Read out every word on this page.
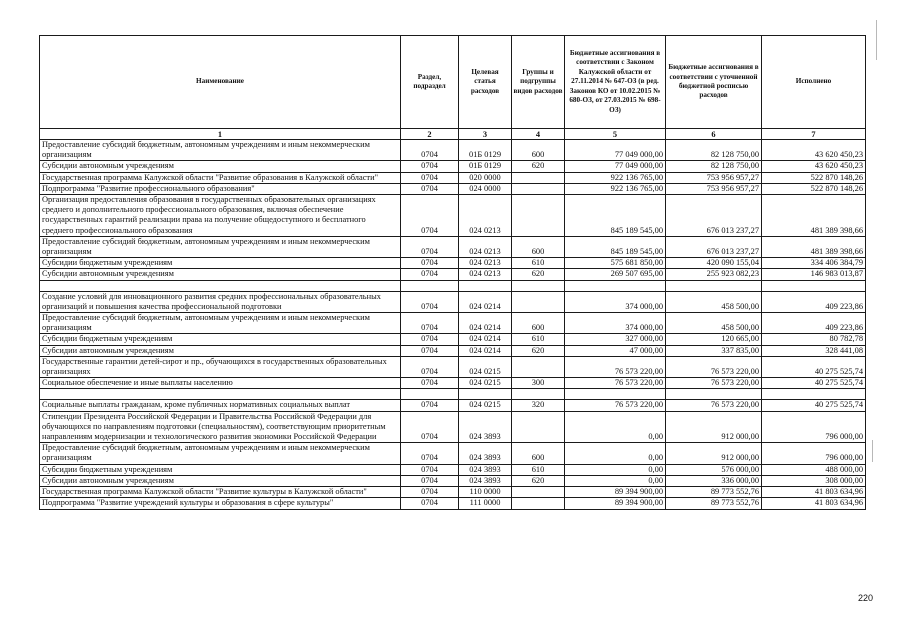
Наименование	Раздел, подраздел	Целевая статья расходов	Группы и подгруппы видов расходов	Бюджетные ассигнования в соответствии с Законом Калужской области от 27.11.2014 № 647-ОЗ (в ред. Законов КО от 10.02.2015 № 680-ОЗ, от 27.03.2015 № 698-ОЗ)	Бюджетные ассигнования в соответствии с уточненной бюджетной росписью расходов	Исполнено
1	2	3	4	5	6	7
Предоставление субсидий бюджетным, автономным учреждениям и иным некоммерческим организациям	0704	01Б 0129	600	77 049 000,00	82 128 750,00	43 620 450,23
Субсидии автономным учреждениям	0704	01Б 0129	620	77 049 000,00	82 128 750,00	43 620 450,23
Государственная программа Калужской области "Развитие образования в Калужской области"	0704	020 0000		922 136 765,00	753 956 957,27	522 870 148,26
Подпрограмма "Развитие профессионального образования"	0704	024 0000		922 136 765,00	753 956 957,27	522 870 148,26
Организация предоставления образования в государственных образовательных организациях среднего и дополнительного профессионального образования, включая обеспечение государственных гарантий реализации права на получение общедоступного и бесплатного среднего профессионального образования	0704	024 0213		845 189 545,00	676 013 237,27	481 389 398,66
Предоставление субсидий бюджетным, автономным учреждениям и иным некоммерческим организациям	0704	024 0213	600	845 189 545,00	676 013 237,27	481 389 398,66
Субсидии бюджетным учреждениям	0704	024 0213	610	575 681 850,00	420 090 155,04	334 406 384,79
Субсидии автономным учреждениям	0704	024 0213	620	269 507 695,00	255 923 082,23	146 983 013,87

Создание условий для инновационного развития средних профессиональных образовательных организаций и повышения качества профессиональной подготовки	0704	024 0214		374 000,00	458 500,00	409 223,86
Предоставление субсидий бюджетным, автономным учреждениям и иным некоммерческим организациям	0704	024 0214	600	374 000,00	458 500,00	409 223,86
Субсидии бюджетным учреждениям	0704	024 0214	610	327 000,00	120 665,00	80 782,78
Субсидии автономным учреждениям	0704	024 0214	620	47 000,00	337 835,00	328 441,08
Государственные гарантии детей-сирот и пр., обучающихся в государственных образовательных организациях	0704	024 0215		76 573 220,00	76 573 220,00	40 275 525,74
Социальное обеспечение и иные выплаты населению	0704	024 0215	300	76 573 220,00	76 573 220,00	40 275 525,74

Социальные выплаты гражданам, кроме публичных нормативных социальных выплат	0704	024 0215	320	76 573 220,00	76 573 220,00	40 275 525,74
Стипендии Президента Российской Федерации и Правительства Российской Федерации для обучающихся по направлениям подготовки (специальностям), соответствующим приоритетным направлениям модернизации и технологического развития экономики Российской Федерации	0704	024 3893		0,00	912 000,00	796 000,00
Предоставление субсидий бюджетным, автономным учреждениям и иным некоммерческим организациям	0704	024 3893	600	0,00	912 000,00	796 000,00
Субсидии бюджетным учреждениям	0704	024 3893	610	0,00	576 000,00	488 000,00
Субсидии автономным учреждениям	0704	024 3893	620	0,00	336 000,00	308 000,00
Государственная программа Калужской области "Развитие культуры в Калужской области"	0704	110 0000		89 394 900,00	89 773 552,76	41 803 634,96
Подпрограмма "Развитие учреждений культуры и образования в сфере культуры"	0704	111 0000		89 394 900,00	89 773 552,76	41 803 634,96
220
